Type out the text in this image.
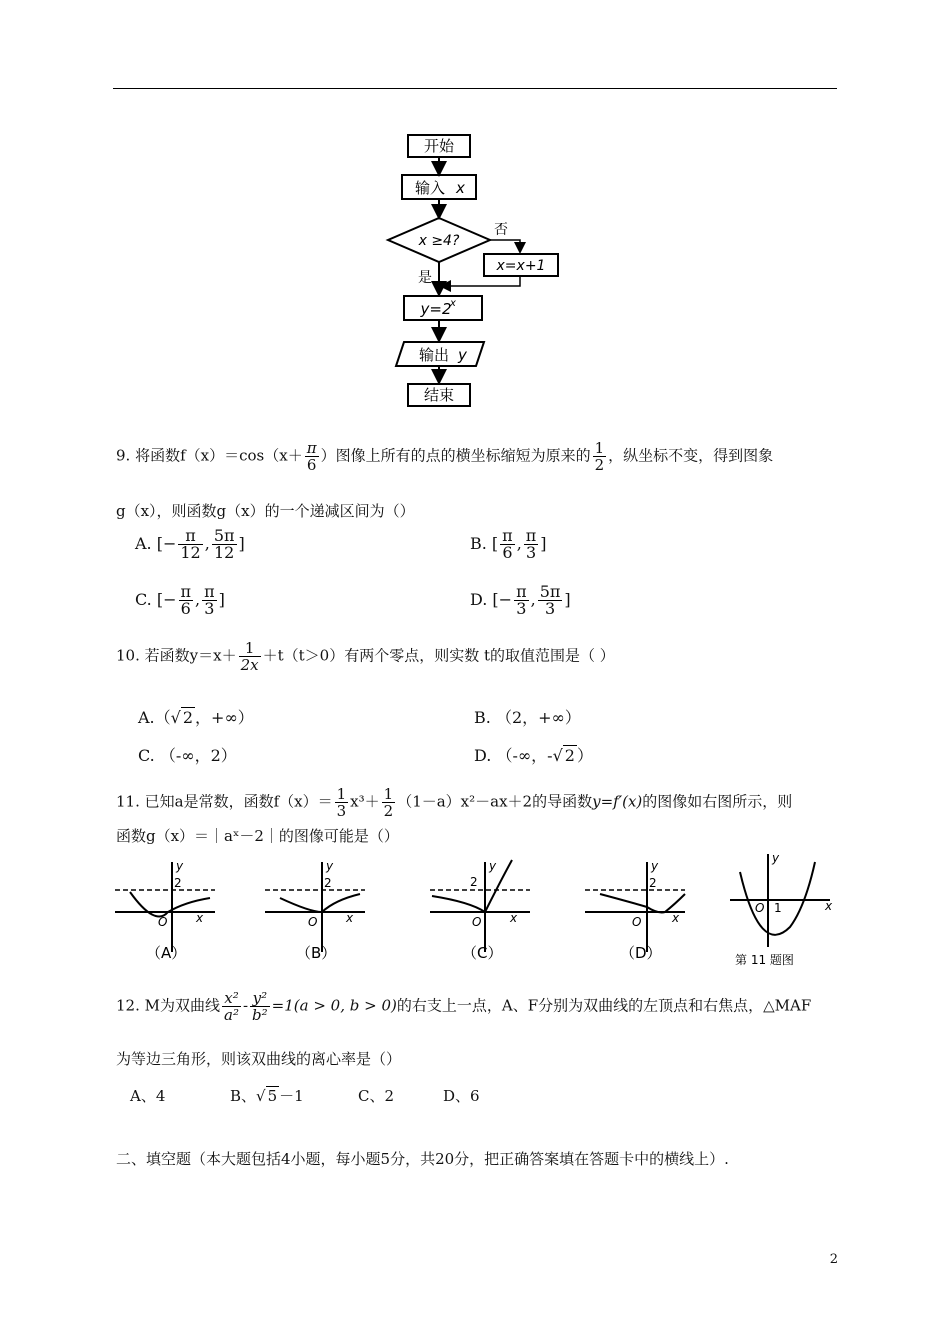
开始
输入 x
x ≥4?
否
x=x+1
是
y=2
x
输出 y
结束
9. 将函数$f(x)=\cos(x+ \frac{\pi}{6}$ ）图像上所有的点的横坐标缩短为原来的 $\frac{1}{2}$ ，纵坐标不变，得到图象
g（x），则函数g（x）的一个递减区间为（）
A. [− $\frac{\pi}{12}$ , $\frac{5\pi}{12}$ ]	B. [ $\frac{\pi}{6}$ , $\frac{\pi}{3}$ ]
C. [− $\frac{\pi}{6}$ , $\frac{\pi}{3}$ ]	D. [− $\frac{\pi}{3}$ , $\frac{5\pi}{3}$ ]
10. 若函数$y=x+ \frac{1}{2x} +t(t>0)$有两个零点，则实数 t的取值范围是（ ）
A.（√ 2 ，+∞）	B. （2，+∞）
C. （-∞，2）	D. （-∞，-√ 2 ）
11. 已知a是常数，函数$f(x)= \frac{1}{3} x^3+ \frac{1}{2} (1-a)x^2-ax+2$的导函数y=f′(x)的图像如右图所示，则
函数g（x）＝｜aˣ－2｜的图像可能是（）
y
2
x
O
（A）
y
2
x
O
（B）
y
2
x
O
（C）
y
2
x
O
（D）
y
x
O 1
第 11 题图
12. M为双曲线 $\frac{\text{x²}}{\text{a²}} - \frac{\text{y²}}{\text{b²}} =1(a > 0$, b > 0)的右支上一点，A、F分别为双曲线的左顶点和右焦点，△MAF
为等边三角形，则该双曲线的离心率是（）
A、4	B、√ 5 －1	C、2	D、6
二、填空题（本大题包括4小题，每小题5分，共20分，把正确答案填在答题卡中的横线上）.
2
